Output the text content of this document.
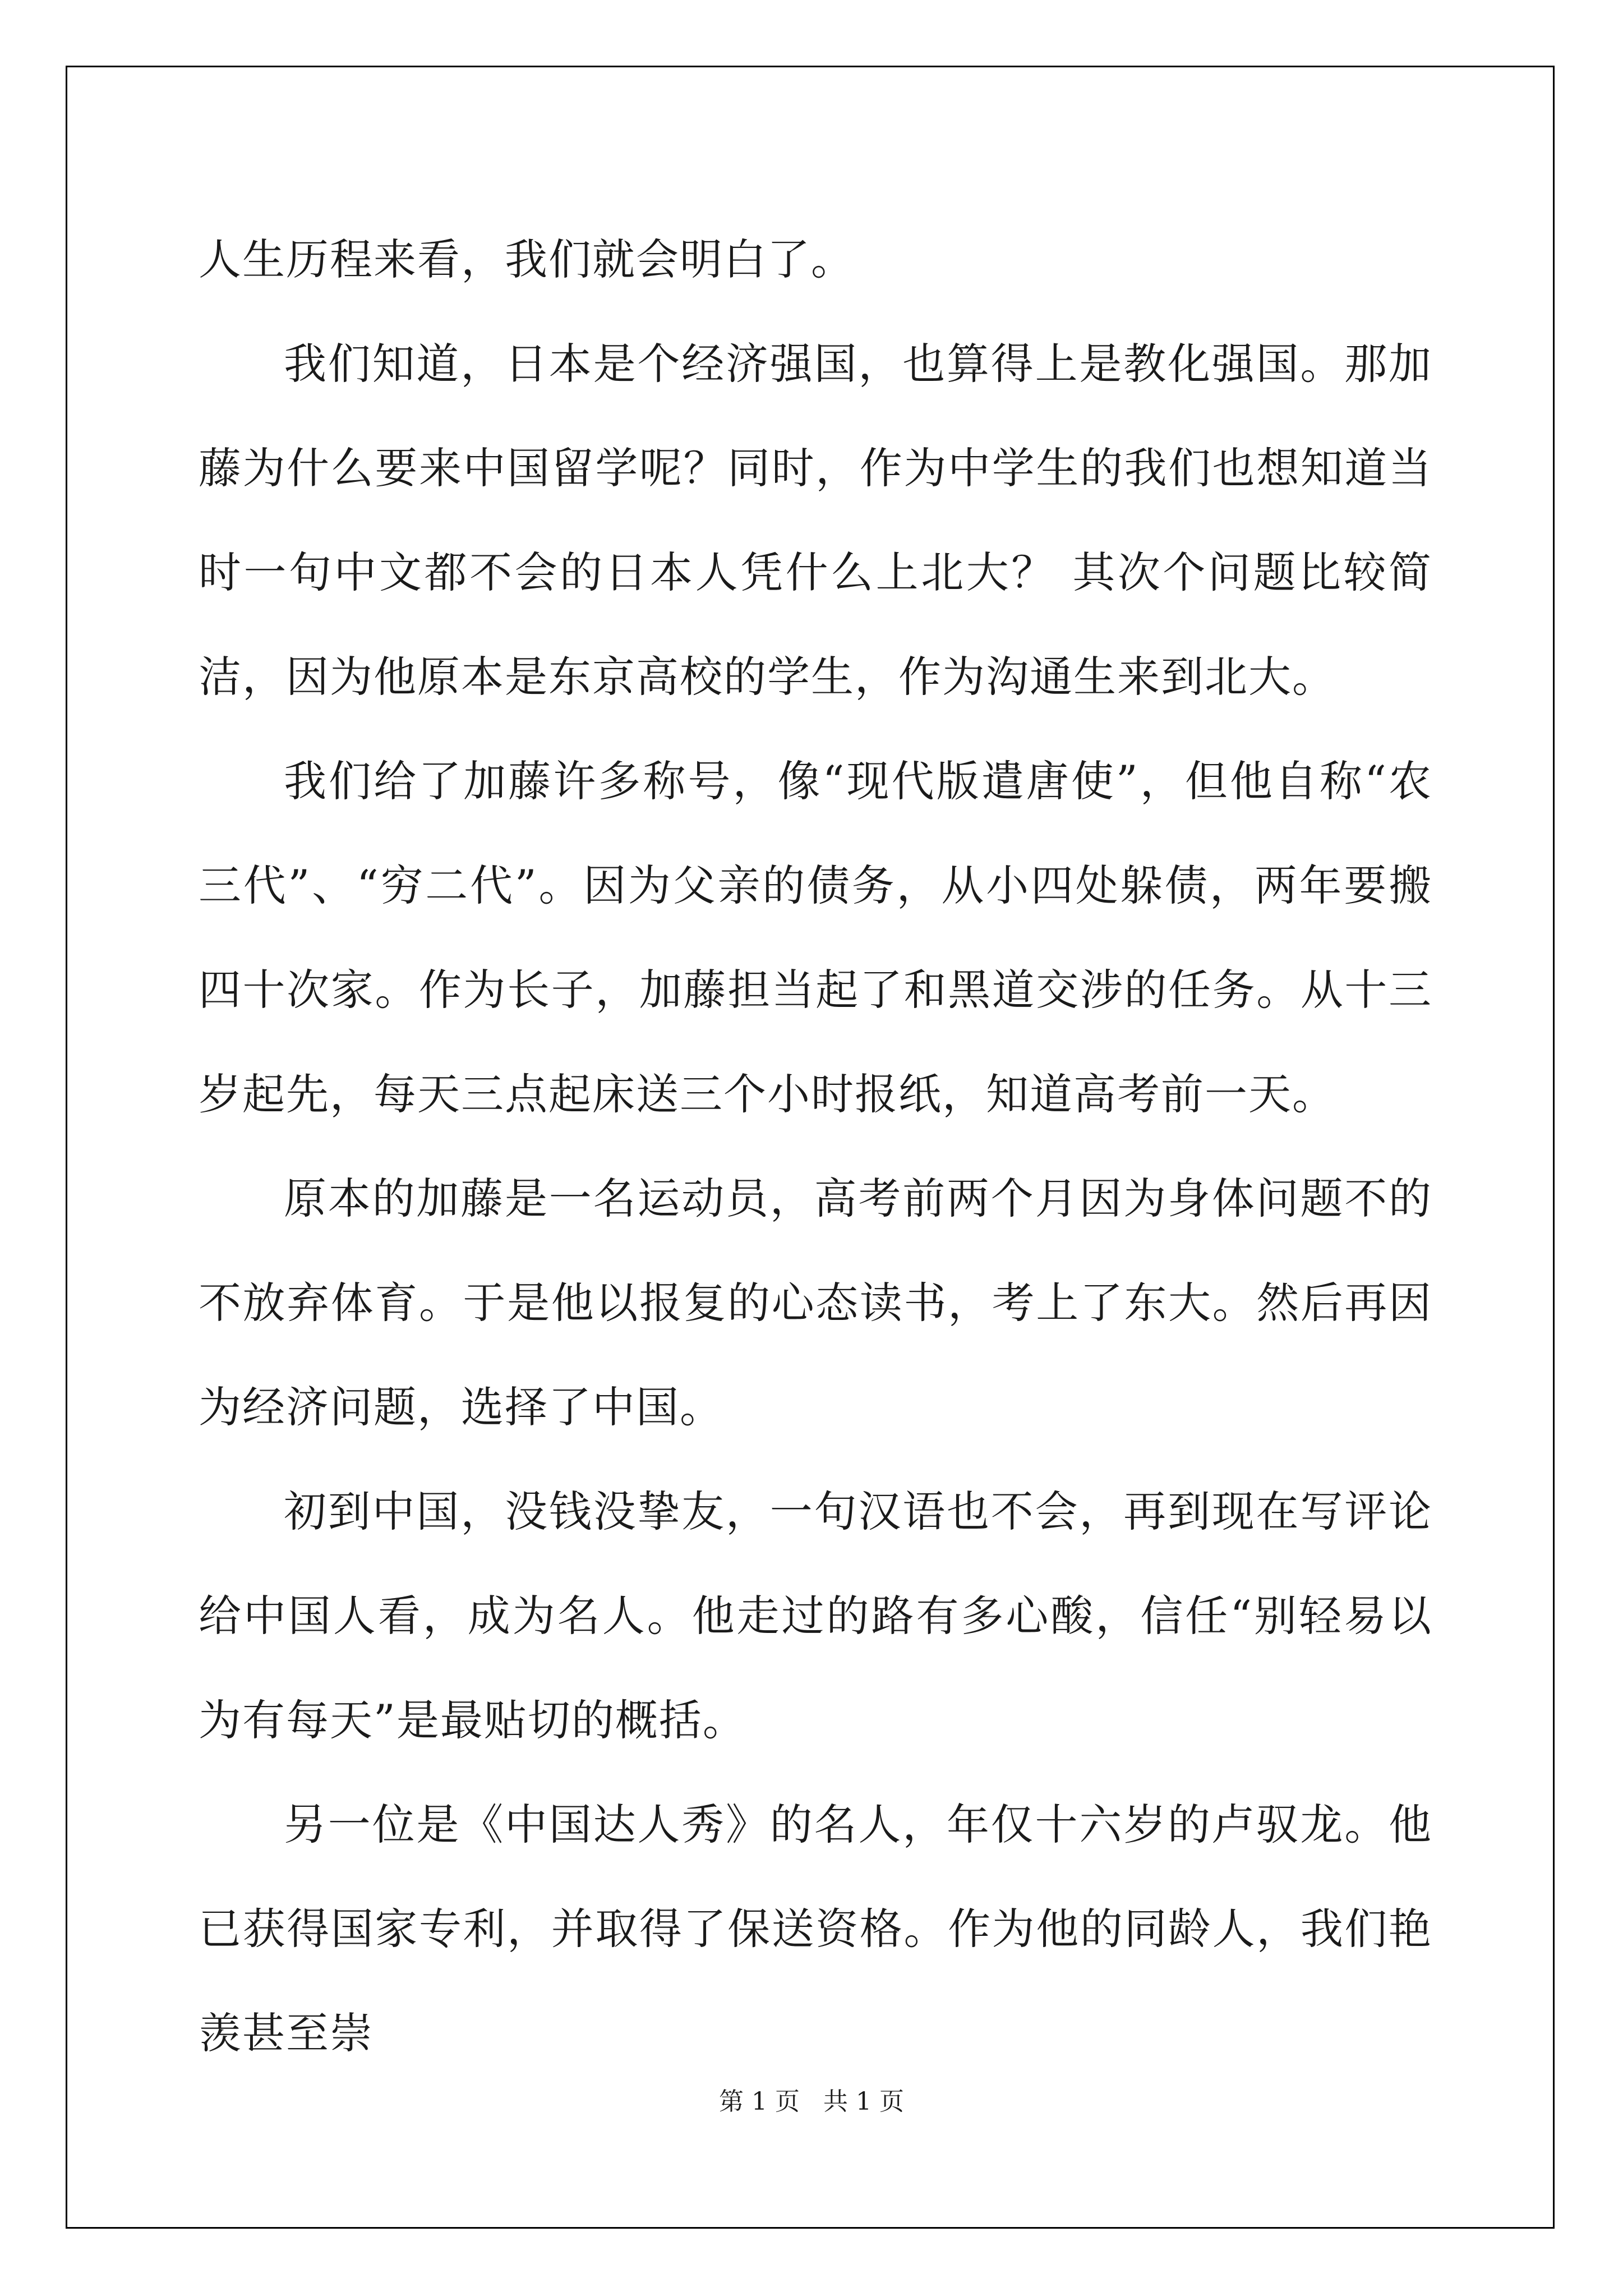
人生历程来看，我们就会明白了。

我们知道，日本是个经济强国，也算得上是教化强国。那加藤为什么要来中国留学呢？同时，作为中学生的我们也想知道当时一句中文都不会的日本人凭什么上北大？ 其次个问题比较简洁，因为他原本是东京高校的学生，作为沟通生来到北大。

我们给了加藤许多称号，像“现代版遣唐使”，但他自称“农三代”、“穷二代”。因为父亲的债务，从小四处躲债，两年要搬四十次家。作为长子，加藤担当起了和黑道交涉的任务。从十三岁起先，每天三点起床送三个小时报纸，知道高考前一天。

原本的加藤是一名运动员，高考前两个月因为身体问题不的不放弃体育。于是他以报复的心态读书，考上了东大。然后再因为经济问题，选择了中国。

初到中国，没钱没挚友，一句汉语也不会，再到现在写评论给中国人看，成为名人。他走过的路有多心酸，信任“别轻易以为有每天”是最贴切的概括。

另一位是《中国达人秀》的名人，年仅十六岁的卢驭龙。他已获得国家专利，并取得了保送资格。作为他的同龄人，我们艳羡甚至崇

第 1 页   共 1 页
